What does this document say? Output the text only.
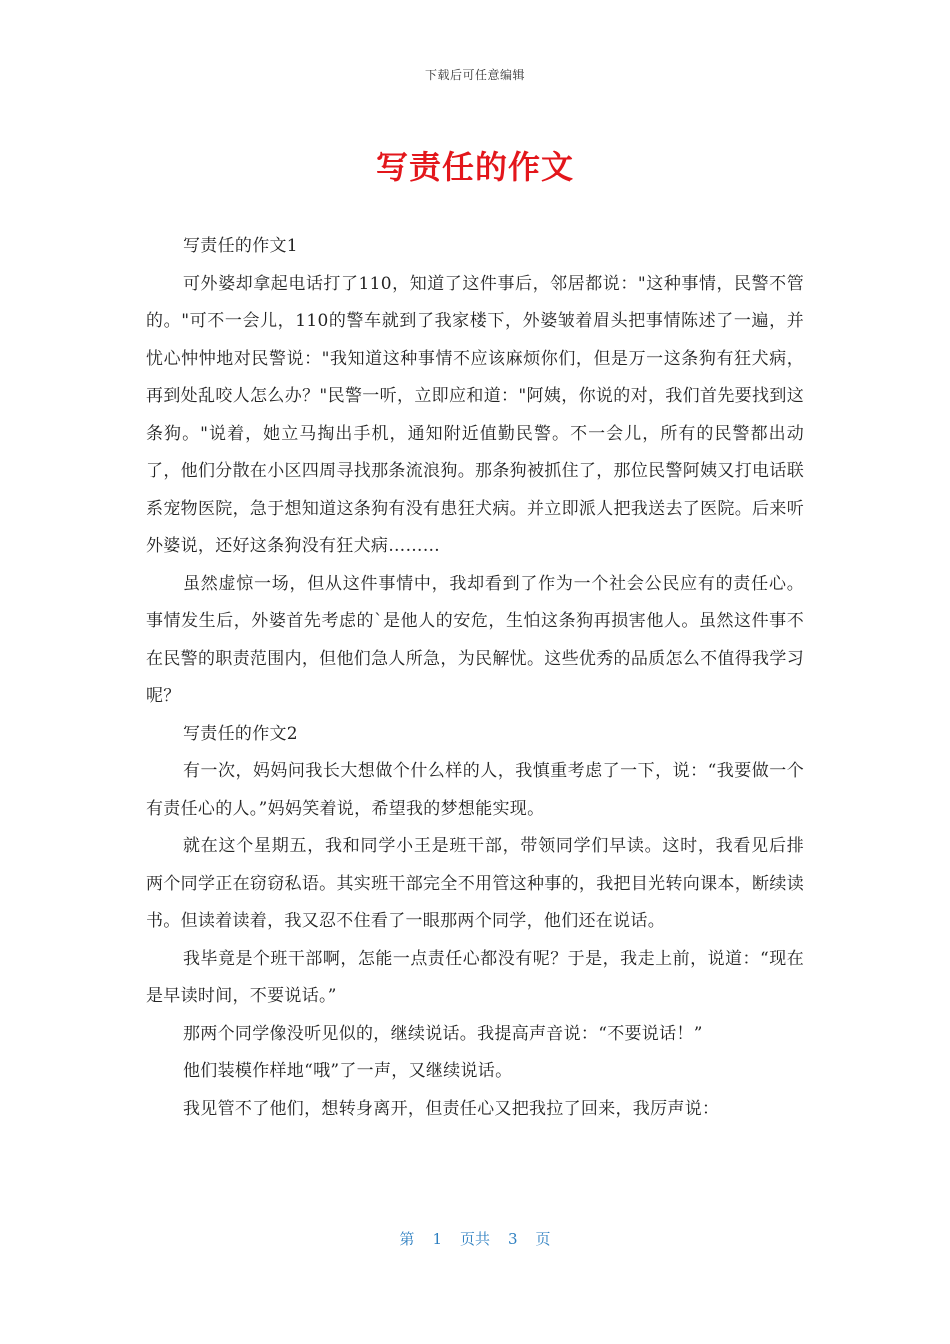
下载后可任意编辑
写责任的作文

写责任的作文1

可外婆却拿起电话打了110，知道了这件事后，邻居都说："这种事情，民警不管的。"可不一会儿，110的警车就到了我家楼下，外婆皱着眉头把事情陈述了一遍，并忧心忡忡地对民警说："我知道这种事情不应该麻烦你们，但是万一这条狗有狂犬病，再到处乱咬人怎么办？"民警一听，立即应和道："阿姨，你说的对，我们首先要找到这条狗。"说着，她立马掏出手机，通知附近值勤民警。不一会儿，所有的民警都出动了，他们分散在小区四周寻找那条流浪狗。那条狗被抓住了，那位民警阿姨又打电话联系宠物医院，急于想知道这条狗有没有患狂犬病。并立即派人把我送去了医院。后来听外婆说，还好这条狗没有狂犬病………

虽然虚惊一场，但从这件事情中，我却看到了作为一个社会公民应有的责任心。事情发生后，外婆首先考虑的`是他人的安危，生怕这条狗再损害他人。虽然这件事不在民警的职责范围内，但他们急人所急，为民解忧。这些优秀的品质怎么不值得我学习呢？

写责任的作文2

有一次，妈妈问我长大想做个什么样的人，我慎重考虑了一下，说：“我要做一个有责任心的人。”妈妈笑着说，希望我的梦想能实现。

就在这个星期五，我和同学小王是班干部，带领同学们早读。这时，我看见后排两个同学正在窃窃私语。其实班干部完全不用管这种事的，我把目光转向课本，断续读书。但读着读着，我又忍不住看了一眼那两个同学，他们还在说话。

我毕竟是个班干部啊，怎能一点责任心都没有呢？于是，我走上前，说道：“现在是早读时间，不要说话。”

那两个同学像没听见似的，继续说话。我提高声音说：“不要说话！”

他们装模作样地“哦”了一声，又继续说话。

我见管不了他们，想转身离开，但责任心又把我拉了回来，我厉声说：

第 1 页共 3 页
